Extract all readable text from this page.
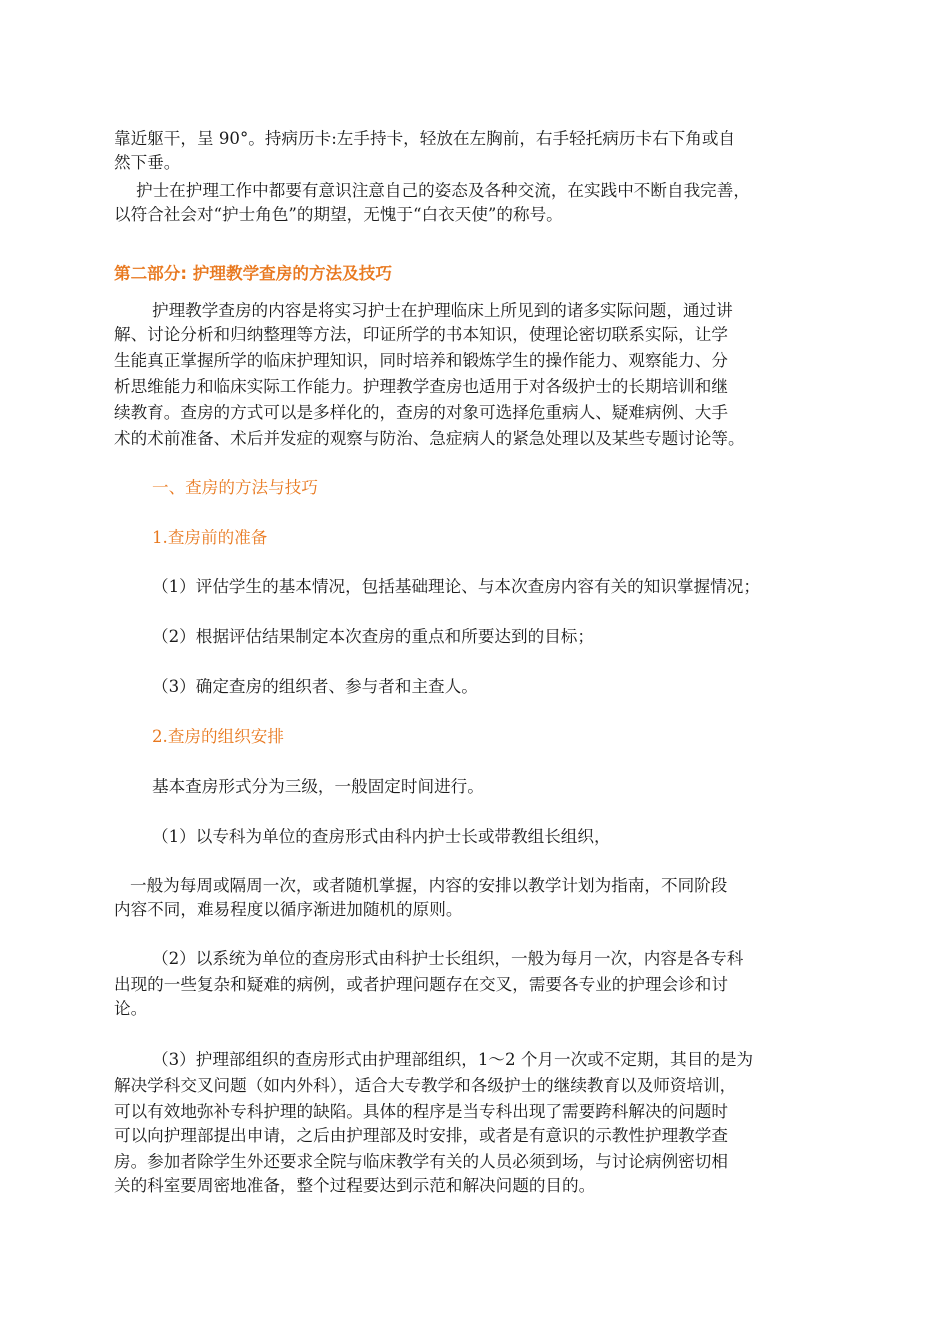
靠近躯干，呈 90°。持病历卡:左手持卡，轻放在左胸前，右手轻托病历卡右下角或自
然下垂。
护士在护理工作中都要有意识注意自己的姿态及各种交流，在实践中不断自我完善，
以符合社会对“护士角色”的期望，无愧于“白衣天使”的称号。
第二部分: 护理教学查房的方法及技巧
护理教学查房的内容是将实习护士在护理临床上所见到的诸多实际问题，通过讲
解、讨论分析和归纳整理等方法，印证所学的书本知识，使理论密切联系实际，让学
生能真正掌握所学的临床护理知识，同时培养和锻炼学生的操作能力、观察能力、分
析思维能力和临床实际工作能力。护理教学查房也适用于对各级护士的长期培训和继
续教育。查房的方式可以是多样化的，查房的对象可选择危重病人、疑难病例、大手
术的术前准备、术后并发症的观察与防治、急症病人的紧急处理以及某些专题讨论等。
一、查房的方法与技巧
1.查房前的准备
（1）评估学生的基本情况，包括基础理论、与本次查房内容有关的知识掌握情况；
（2）根据评估结果制定本次查房的重点和所要达到的目标；
（3）确定查房的组织者、参与者和主查人。
2.查房的组织安排
基本查房形式分为三级，一般固定时间进行。
（1）以专科为单位的查房形式由科内护士长或带教组长组织，
一般为每周或隔周一次，或者随机掌握，内容的安排以教学计划为指南，不同阶段
内容不同，难易程度以循序渐进加随机的原则。
（2）以系统为单位的查房形式由科护士长组织，一般为每月一次，内容是各专科
出现的一些复杂和疑难的病例，或者护理问题存在交叉，需要各专业的护理会诊和讨
论。
（3）护理部组织的查房形式由护理部组织，1～2 个月一次或不定期，其目的是为
解决学科交叉问题（如内外科），适合大专教学和各级护士的继续教育以及师资培训，
可以有效地弥补专科护理的缺陷。具体的程序是当专科出现了需要跨科解决的问题时
可以向护理部提出申请，之后由护理部及时安排，或者是有意识的示教性护理教学查
房。参加者除学生外还要求全院与临床教学有关的人员必须到场，与讨论病例密切相
关的科室要周密地准备，整个过程要达到示范和解决问题的目的。
